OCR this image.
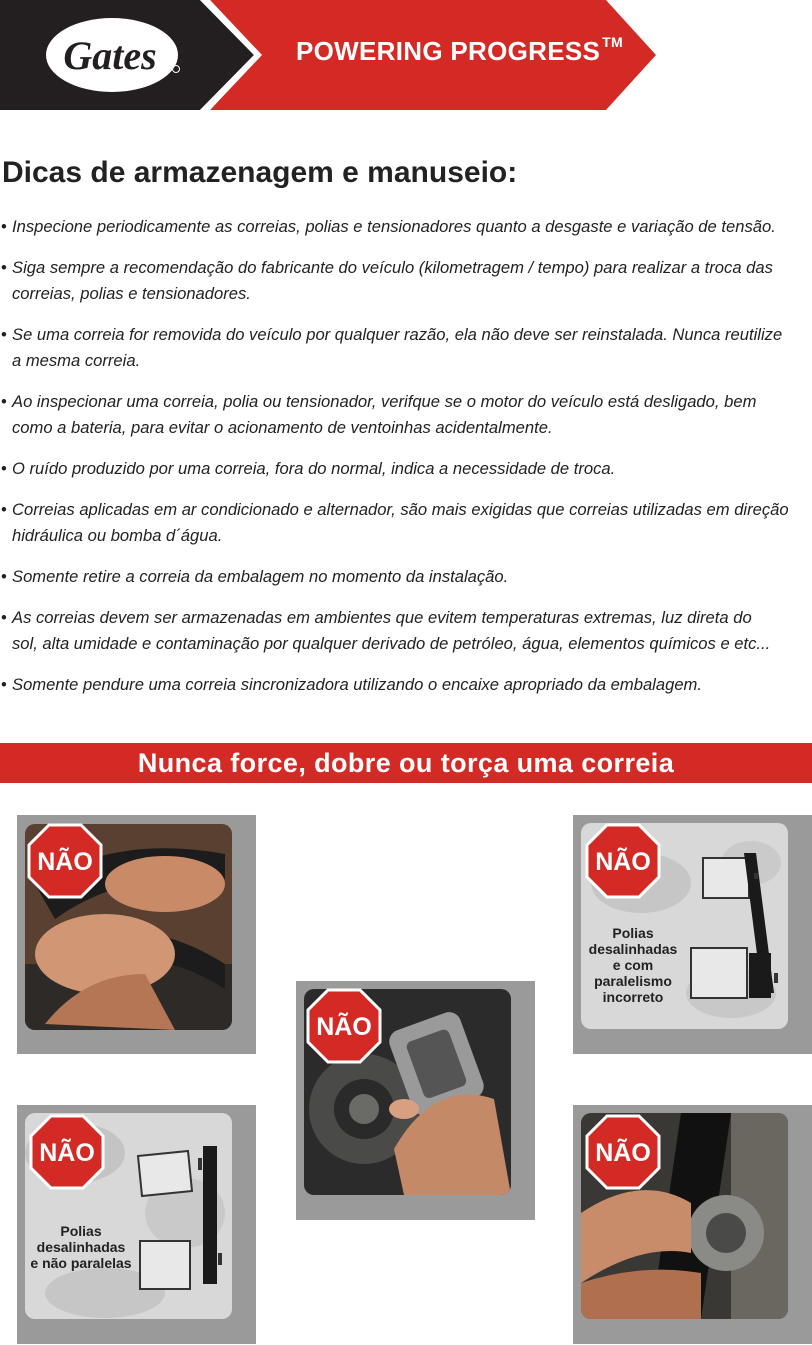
Gates	POWERING PROGRESS ™
Dicas de armazenagem e manuseio:
• Inspecione periodicamente as correias, polias e tensionadores quanto a desgaste e variação de tensão.
• Siga sempre a recomendação do fabricante do veículo (kilometragem / tempo) para realizar a troca das
correias, polias e tensionadores.
• Se uma correia for removida do veículo por qualquer razão, ela não deve ser reinstalada. Nunca reutilize
a mesma correia.
• Ao inspecionar uma correia, polia ou tensionador, verifque se o motor do veículo está desligado, bem
como a bateria, para evitar o acionamento de ventoinhas acidentalmente.
• O ruído produzido por uma correia, fora do normal, indica a necessidade de troca.
• Correias aplicadas em ar condicionado e alternador, são mais exigidas que correias utilizadas em direção
hidráulica ou bomba d´água.
• Somente retire a correia da embalagem no momento da instalação.
• As correias devem ser armazenadas em ambientes que evitem temperaturas extremas, luz direta do
sol, alta umidade e contaminação por qualquer derivado de petróleo, água, elementos químicos e etc...
• Somente pendure uma correia sincronizadora utilizando o encaixe apropriado da embalagem.
Nunca force, dobre ou torça uma correia
Polias
desalinhadas
e com
paralelismo
incorreto
Polias
desalinhadas
e não paralelas
NÃO	NÃO
NÃO
NÃO	NÃO
